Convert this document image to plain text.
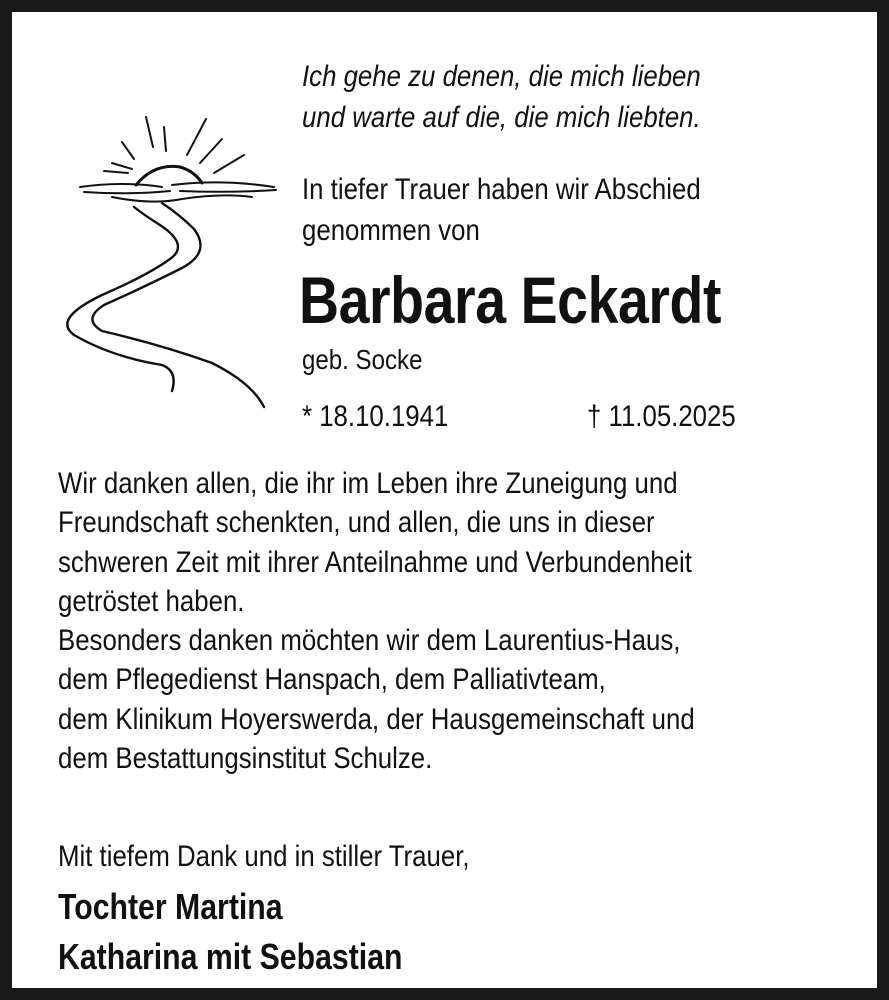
Ich gehe zu denen, die mich lieben
und warte auf die, die mich liebten.

In tiefer Trauer haben wir Abschied
genommen von

Barbara Eckardt

geb. Socke

* 18.10.1941	† 11.05.2025

Wir danken allen, die ihr im Leben ihre Zuneigung und
Freundschaft schenkten, und allen, die uns in dieser
schweren Zeit mit ihrer Anteilnahme und Verbundenheit
getröstet haben.
Besonders danken möchten wir dem Laurentius-Haus,
dem Pflegedienst Hanspach, dem Palliativteam,
dem Klinikum Hoyerswerda, der Hausgemeinschaft und
dem Bestattungsinstitut Schulze.

Mit tiefem Dank und in stiller Trauer,

Tochter Martina
Katharina mit Sebastian
